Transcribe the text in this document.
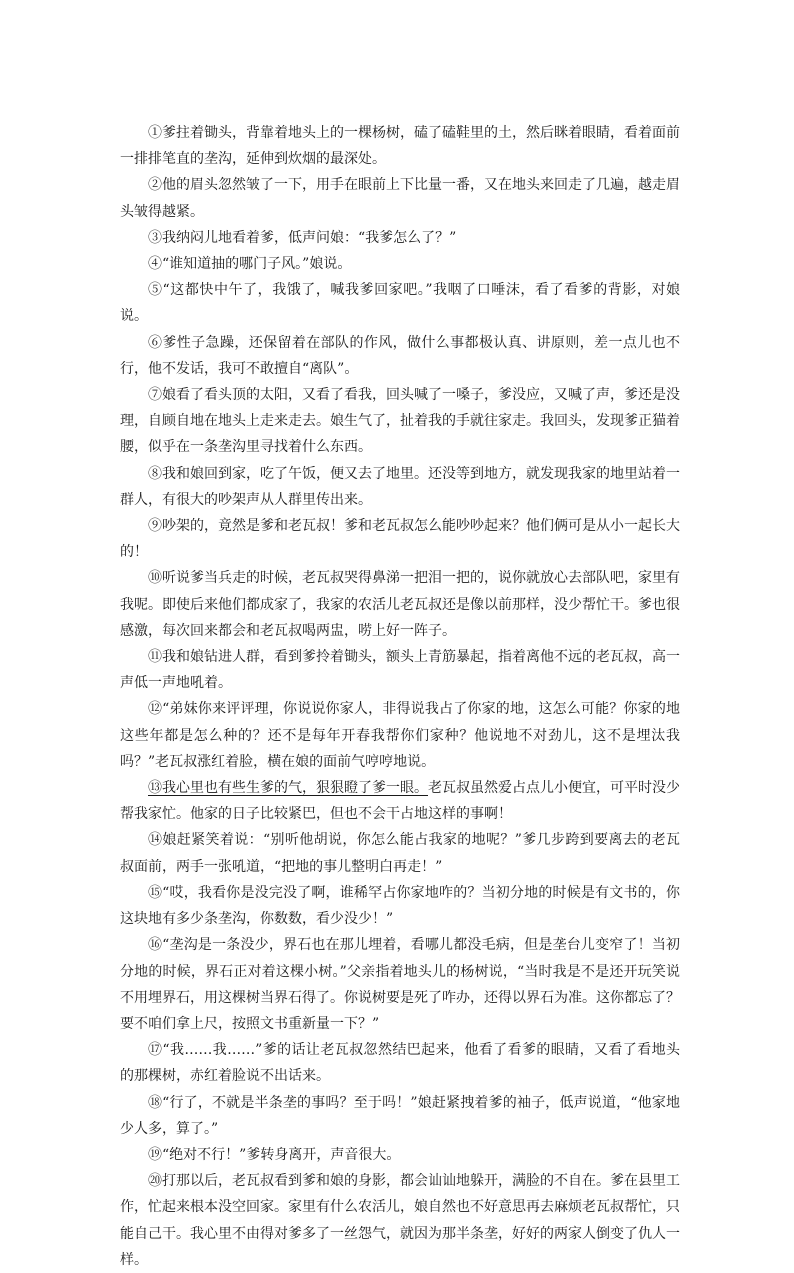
①爹拄着锄头，背靠着地头上的一棵杨树，磕了磕鞋里的土，然后眯着眼睛，看着面前一排排笔直的垄沟，延伸到炊烟的最深处。

②他的眉头忽然皱了一下，用手在眼前上下比量一番，又在地头来回走了几遍，越走眉头皱得越紧。

③我纳闷儿地看着爹，低声问娘：“我爹怎么了？”

④“谁知道抽的哪门子风。”娘说。

⑤“这都快中午了，我饿了，喊我爹回家吧。”我咽了口唾沫，看了看爹的背影，对娘说。

⑥爹性子急躁，还保留着在部队的作风，做什么事都极认真、讲原则，差一点儿也不行，他不发话，我可不敢擅自“离队”。

⑦娘看了看头顶的太阳，又看了看我，回头喊了一嗓子，爹没应，又喊了声，爹还是没理，自顾自地在地头上走来走去。娘生气了，扯着我的手就往家走。我回头，发现爹正猫着腰，似乎在一条垄沟里寻找着什么东西。

⑧我和娘回到家，吃了午饭，便又去了地里。还没等到地方，就发现我家的地里站着一群人，有很大的吵架声从人群里传出来。

⑨吵架的，竟然是爹和老瓦叔！爹和老瓦叔怎么能吵吵起来？他们俩可是从小一起长大的！

⑩听说爹当兵走的时候，老瓦叔哭得鼻涕一把泪一把的，说你就放心去部队吧，家里有我呢。即使后来他们都成家了，我家的农活儿老瓦叔还是像以前那样，没少帮忙干。爹也很感激，每次回来都会和老瓦叔喝两盅，唠上好一阵子。

⑪我和娘钻进人群，看到爹拎着锄头，额头上青筋暴起，指着离他不远的老瓦叔，高一声低一声地吼着。

⑫“弟妹你来评评理，你说说你家人，非得说我占了你家的地，这怎么可能？你家的地这些年都是怎么种的？还不是每年开春我帮你们家种？他说地不对劲儿，这不是埋汰我吗？”老瓦叔涨红着脸，横在娘的面前气哼哼地说。

⑬我心里也有些生爹的气，狠狠瞪了爹一眼。老瓦叔虽然爱占点儿小便宜，可平时没少帮我家忙。他家的日子比较紧巴，但也不会干占地这样的事啊！

⑭娘赶紧笑着说：“别听他胡说，你怎么能占我家的地呢？”爹几步跨到要离去的老瓦叔面前，两手一张吼道，“把地的事儿整明白再走！”

⑮“哎，我看你是没完没了啊，谁稀罕占你家地咋的？当初分地的时候是有文书的，你这块地有多少条垄沟，你数数，看少没少！”

⑯“垄沟是一条没少，界石也在那儿埋着，看哪儿都没毛病，但是垄台儿变窄了！当初分地的时候，界石正对着这棵小树。”父亲指着地头儿的杨树说，“当时我是不是还开玩笑说不用埋界石，用这棵树当界石得了。你说树要是死了咋办，还得以界石为准。这你都忘了？要不咱们拿上尺，按照文书重新量一下？”

⑰“我……我……”爹的话让老瓦叔忽然结巴起来，他看了看爹的眼睛，又看了看地头的那棵树，赤红着脸说不出话来。

⑱“行了，不就是半条垄的事吗？至于吗！”娘赶紧拽着爹的袖子，低声说道，“他家地少人多，算了。”

⑲“绝对不行！”爹转身离开，声音很大。

⑳打那以后，老瓦叔看到爹和娘的身影，都会讪讪地躲开，满脸的不自在。爹在县里工作，忙起来根本没空回家。家里有什么农活儿，娘自然也不好意思再去麻烦老瓦叔帮忙，只能自己干。我心里不由得对爹多了一丝怨气，就因为那半条垄，好好的两家人倒变了仇人一样。
